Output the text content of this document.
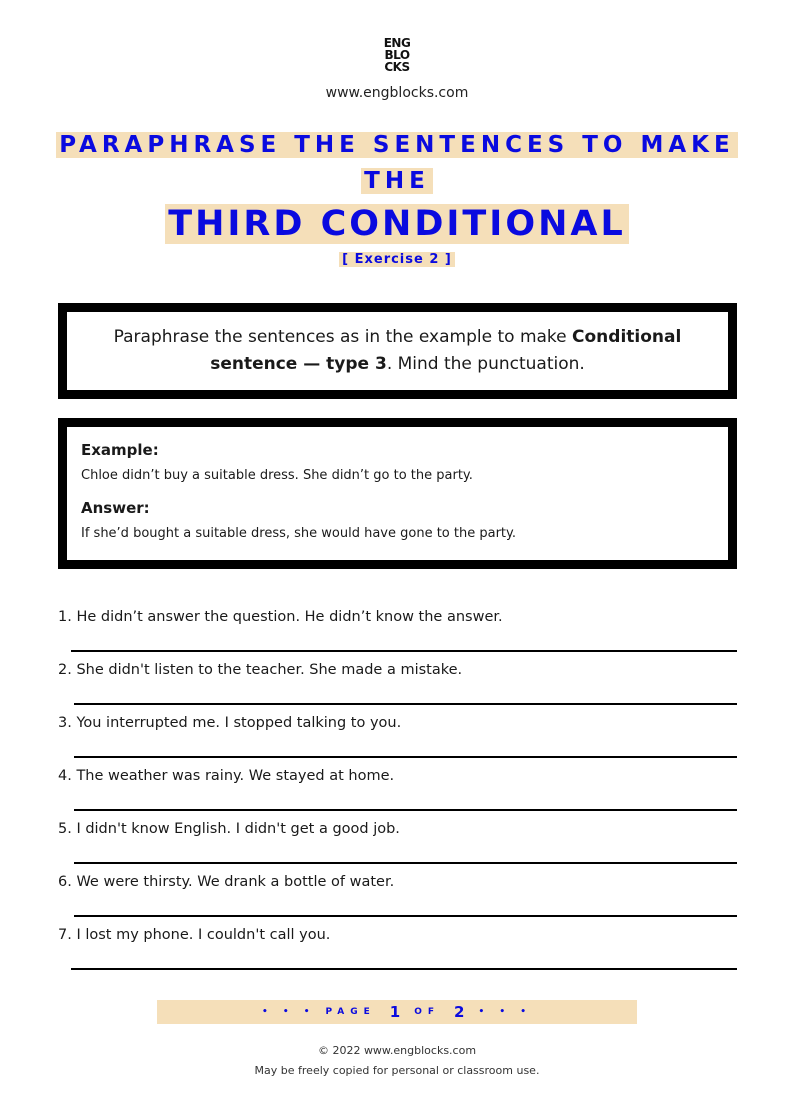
ENG
BLO
CKS
www.engblocks.com
PARAPHRASE THE SENTENCES TO MAKE
THE
THIRD CONDITIONAL
[ Exercise 2 ]
Paraphrase the sentences as in the example to make Conditional sentence — type 3. Mind the punctuation.
Example:
Chloe didn’t buy a suitable dress. She didn’t go to the party.
Answer:
If she’d bought a suitable dress, she would have gone to the party.
1. He didn’t answer the question. He didn’t know the answer.
2. She didn't listen to the teacher. She made a mistake.
3. You interrupted me. I stopped talking to you.
4. The weather was rainy. We stayed at home.
5. I didn't know English. I didn't get a good job.
6. We were thirsty. We drank a bottle of water.
7. I lost my phone. I couldn't call you.
• • • PAGE 1 OF 2 • • •
© 2022 www.engblocks.com
May be freely copied for personal or classroom use.
